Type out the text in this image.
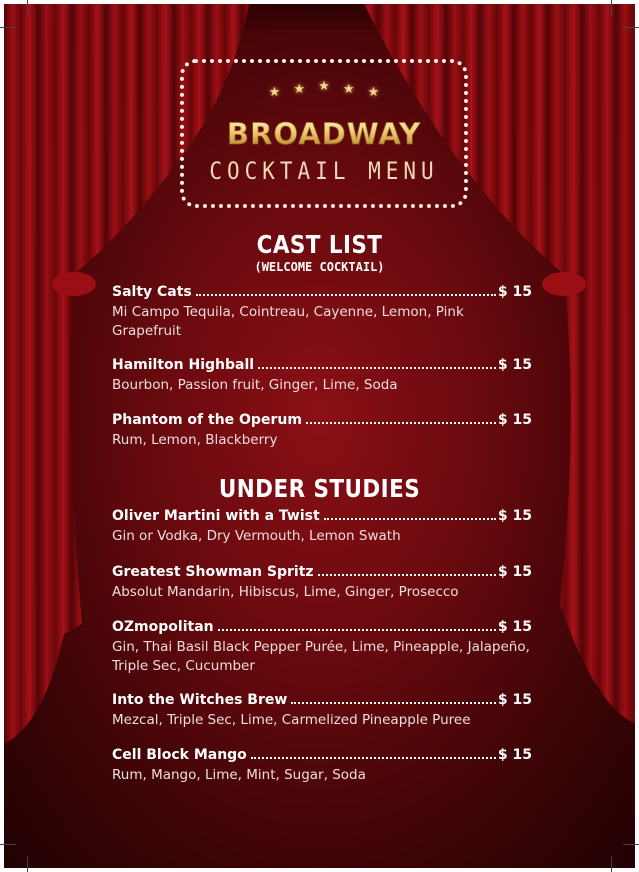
★ ★ ★ ★ ★
BROADWAY
COCKTAIL MENU
CAST LIST
(WELCOME COCKTAIL)
Salty Cats	$ 15
Mi Campo Tequila, Cointreau, Cayenne, Lemon, Pink Grapefruit
Hamilton Highball	$ 15
Bourbon, Passion fruit, Ginger, Lime, Soda
Phantom of the Operum	$ 15
Rum, Lemon, Blackberry
UNDER STUDIES
Oliver Martini with a Twist	$ 15
Gin or Vodka, Dry Vermouth, Lemon Swath
Greatest Showman Spritz	$ 15
Absolut Mandarin, Hibiscus, Lime, Ginger, Prosecco
OZmopolitan	$ 15
Gin, Thai Basil Black Pepper Purée, Lime, Pineapple, Jalapeño, Triple Sec, Cucumber
Into the Witches Brew	$ 15
Mezcal, Triple Sec, Lime, Carmelized Pineapple Puree
Cell Block Mango	$ 15
Rum, Mango, Lime, Mint, Sugar, Soda
